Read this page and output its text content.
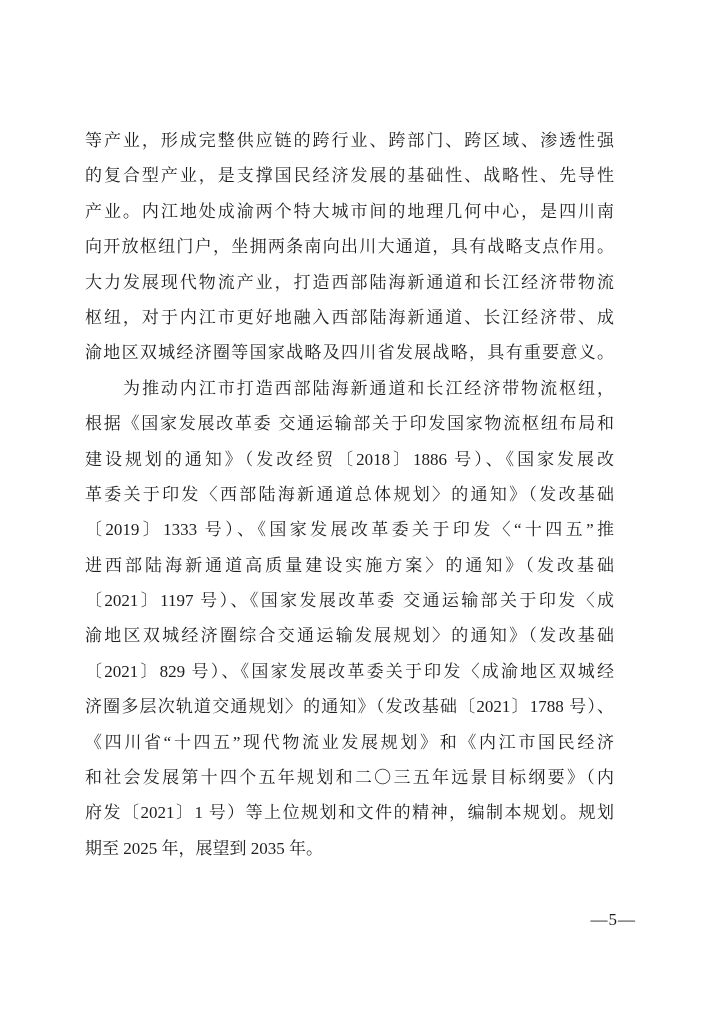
等产业，形成完整供应链的跨行业、跨部门、跨区域、渗透性强
的复合型产业，是支撑国民经济发展的基础性、战略性、先导性
产业。内江地处成渝两个特大城市间的地理几何中心，是四川南
向开放枢纽门户，坐拥两条南向出川大通道，具有战略支点作用。
大力发展现代物流产业，打造西部陆海新通道和长江经济带物流
枢纽，对于内江市更好地融入西部陆海新通道、长江经济带、成
渝地区双城经济圈等国家战略及四川省发展战略，具有重要意义。
为推动内江市打造西部陆海新通道和长江经济带物流枢纽，
根据《国家发展改革委 交通运输部关于印发国家物流枢纽布局和
建设规划的通知》（发改经贸〔2018〕1886 号）、《国家发展改
革委关于印发〈西部陆海新通道总体规划〉的通知》（发改基础
〔2019〕1333 号）、《国家发展改革委关于印发〈“十四五”推
进西部陆海新通道高质量建设实施方案〉的通知》（发改基础
〔2021〕1197 号）、《国家发展改革委 交通运输部关于印发〈成
渝地区双城经济圈综合交通运输发展规划〉的通知》（发改基础
〔2021〕829 号）、《国家发展改革委关于印发〈成渝地区双城经
济圈多层次轨道交通规划〉的通知》（发改基础〔2021〕1788 号）、
《四川省“十四五”现代物流业发展规划》和《内江市国民经济
和社会发展第十四个五年规划和二〇三五年远景目标纲要》（内
府发〔2021〕1 号）等上位规划和文件的精神，编制本规划。规划
期至 2025 年，展望到 2035 年。
—5—
